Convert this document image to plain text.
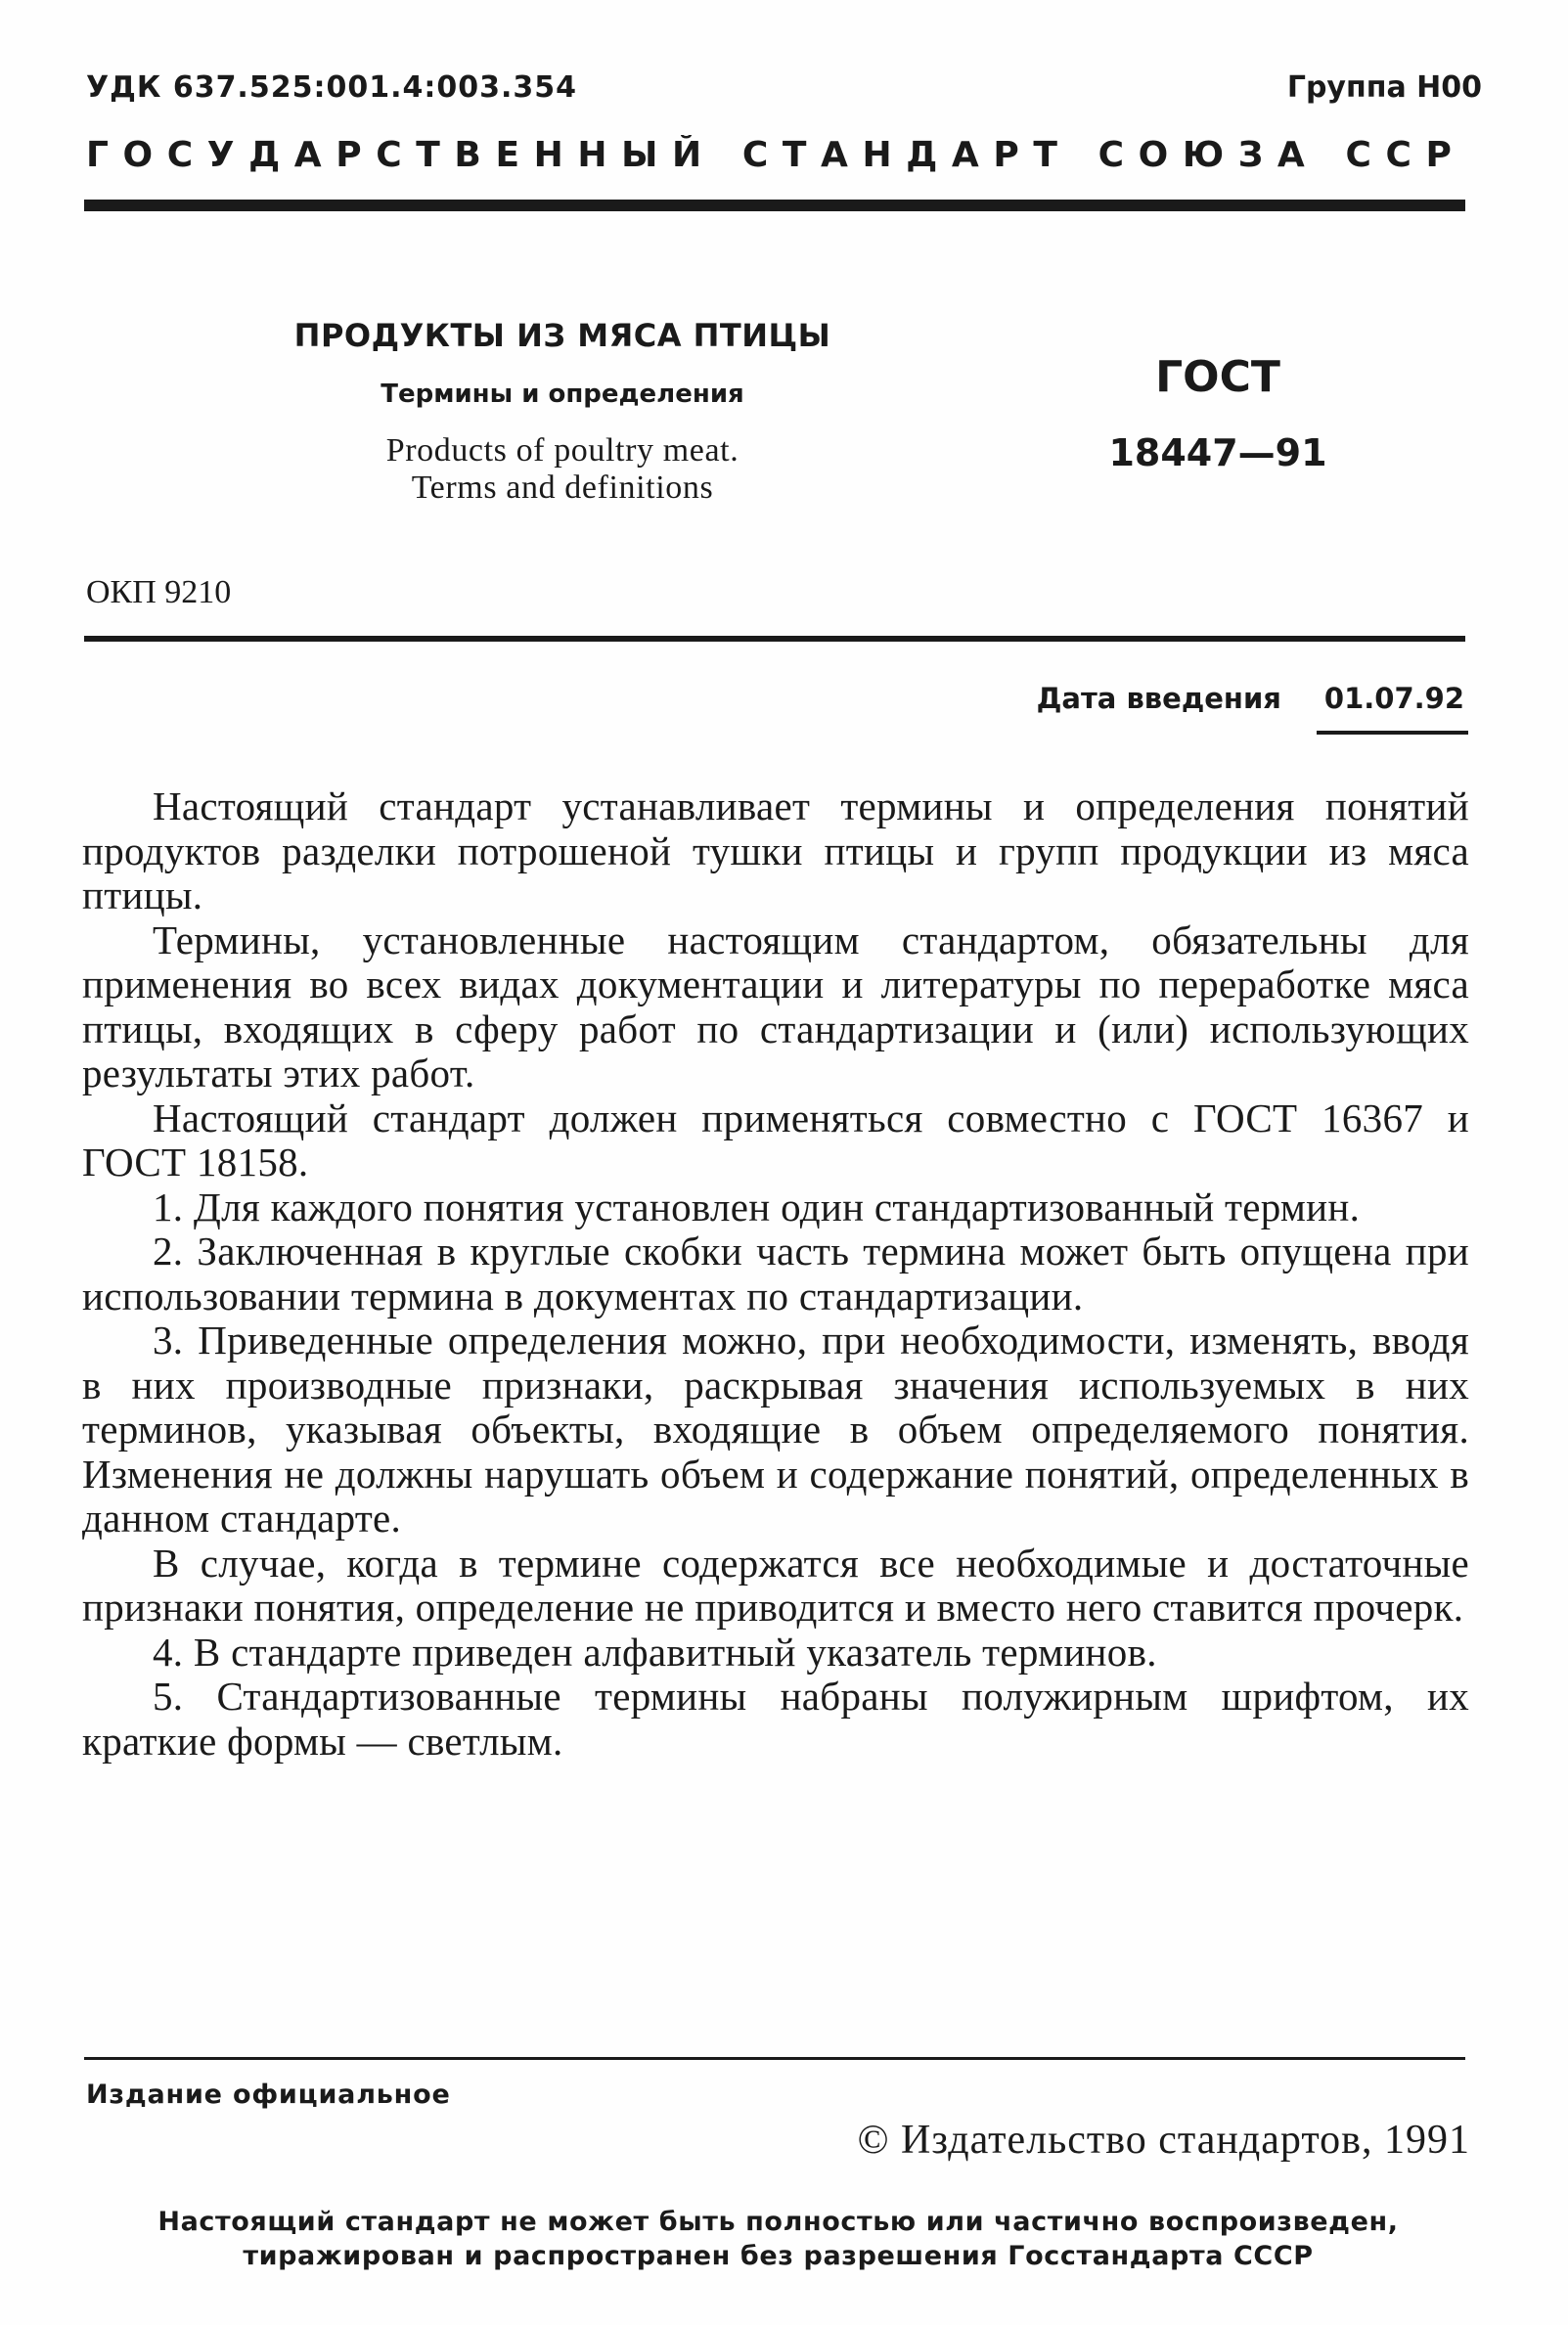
УДК 637.525:001.4:003.354	Группа Н00
ГОСУДАРСТВЕННЫЙ СТАНДАРТ СОЮЗА ССР
ПРОДУКТЫ ИЗ МЯСА ПТИЦЫ
Термины и определения
Products of poultry meat.
Terms and definitions
ГОСТ
18447—91
ОКП 9210
Дата введения 01.07.92

Настоящий стандарт устанавливает термины и определения понятий продуктов разделки потрошеной тушки птицы и групп продукции из мяса птицы.

Термины, установленные настоящим стандартом, обязательны для применения во всех видах документации и литературы по переработке мяса птицы, входящих в сферу работ по стандартизации и (или) использующих результаты этих работ.

Настоящий стандарт должен применяться совместно с ГОСТ 16367 и ГОСТ 18158.

1. Для каждого понятия установлен один стандартизованный термин.

2. Заключенная в круглые скобки часть термина может быть опущена при использовании термина в документах по стандартизации.

3. Приведенные определения можно, при необходимости, изменять, вводя в них производные признаки, раскрывая значения используемых в них терминов, указывая объекты, входящие в объем определяемого понятия. Изменения не должны нарушать объем и содержание понятий, определенных в данном стандарте.

В случае, когда в термине содержатся все необходимые и достаточные признаки понятия, определение не приводится и вместо него ставится прочерк.

4. В стандарте приведен алфавитный указатель терминов.

5. Стандартизованные термины набраны полужирным шрифтом, их краткие формы — светлым.

Издание официальное
© Издательство стандартов, 1991
Настоящий стандарт не может быть полностью или частично воспроизведен,
тиражирован и распространен без разрешения Госстандарта СССР
